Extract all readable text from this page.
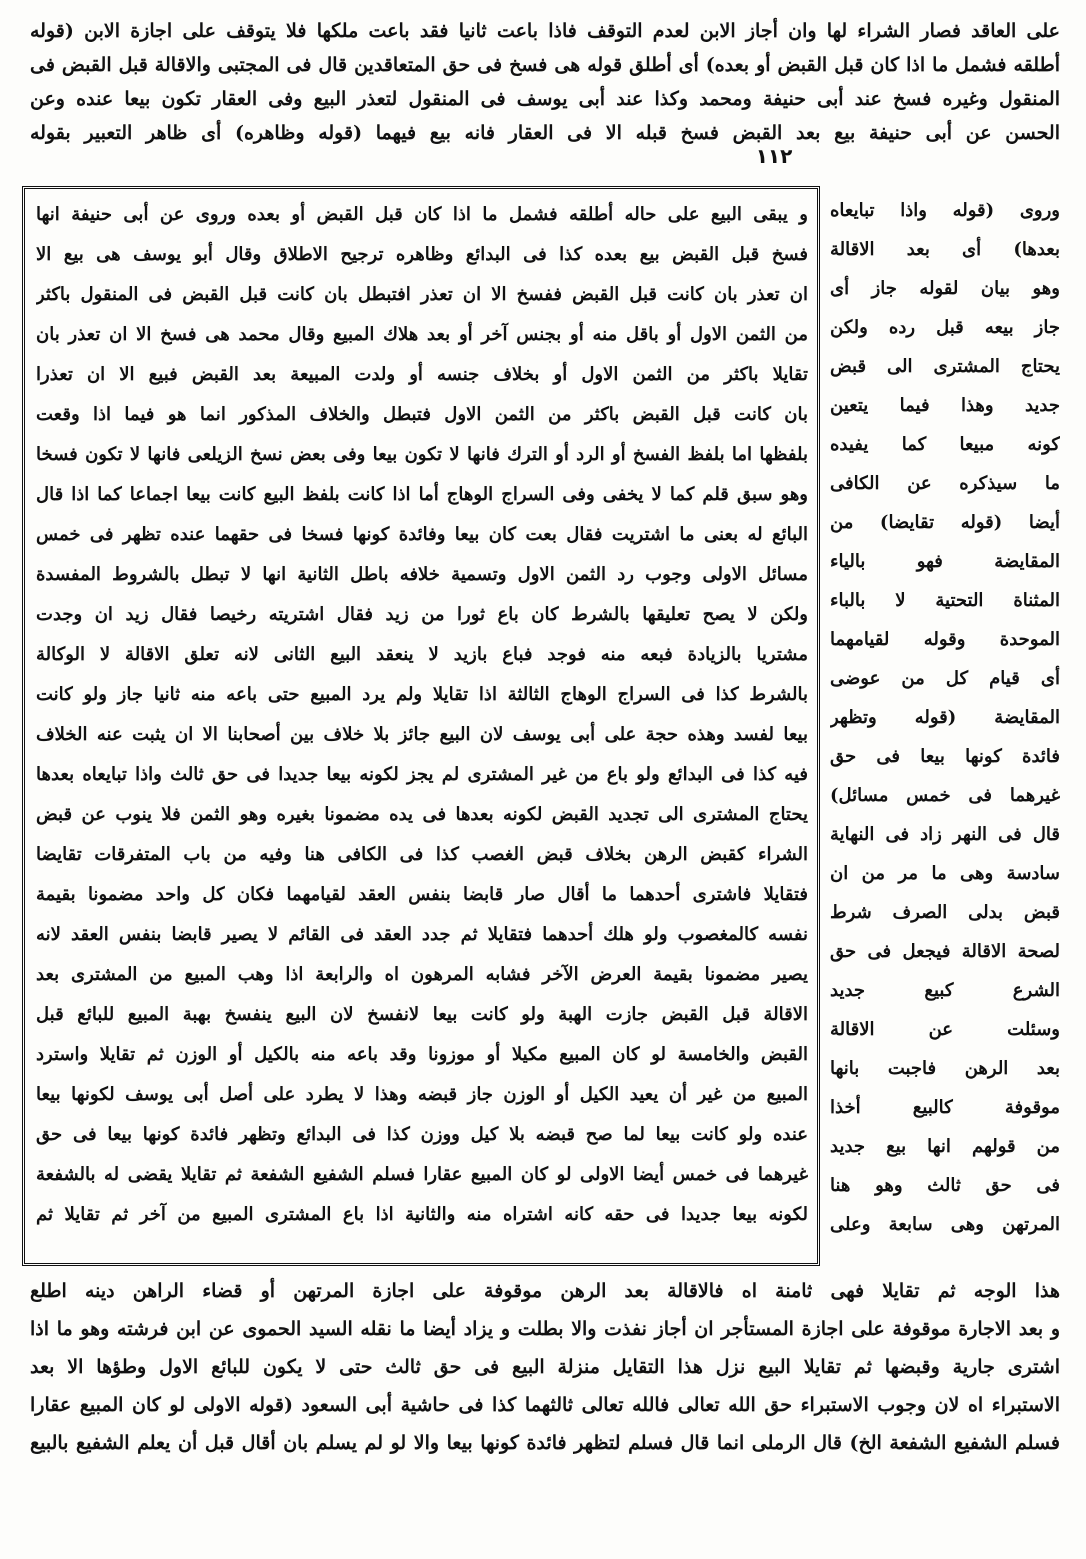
١١٢
على العاقد فصار الشراء لها وان أجاز الابن لعدم التوقف فاذا باعت ثانيا فقد باعت ملكها فلا يتوقف على اجازة الابن (قوله
أطلقه فشمل ما اذا كان قبل القبض أو بعده) أى أطلق قوله هى فسخ فى حق المتعاقدين قال فى المجتبى والاقالة قبل القبض فى
المنقول وغيره فسخ عند أبى حنيفة ومحمد وكذا عند أبى يوسف فى المنقول لتعذر البيع وفى العقار تكون بيعا عنده وعن
الحسن عن أبى حنيفة بيع بعد القبض فسخ قبله الا فى العقار فانه بيع فيهما (قوله وظاهره) أى ظاهر التعبير بقوله
و يبقى البيع على حاله أطلقه فشمل ما اذا كان قبل القبض أو بعده وروى عن أبى حنيفة انها
فسخ قبل القبض بيع بعده كذا فى البدائع وظاهره ترجيح الاطلاق وقال أبو يوسف هى بيع الا
ان تعذر بان كانت قبل القبض ففسخ الا ان تعذر افتبطل بان كانت قبل القبض فى المنقول باكثر
من الثمن الاول أو باقل منه أو بجنس آخر أو بعد هلاك المبيع وقال محمد هى فسخ الا ان تعذر بان
تقايلا باكثر من الثمن الاول أو بخلاف جنسه أو ولدت المبيعة بعد القبض فبيع الا ان تعذرا
بان كانت قبل القبض باكثر من الثمن الاول فتبطل والخلاف المذكور انما هو فيما اذا وقعت
بلفظها اما بلفظ الفسخ أو الرد أو الترك فانها لا تكون بيعا وفى بعض نسخ الزيلعى فانها لا تكون فسخا
وهو سبق قلم كما لا يخفى وفى السراج الوهاج أما اذا كانت بلفظ البيع كانت بيعا اجماعا كما اذا قال
البائع له بعنى ما اشتريت فقال بعت كان بيعا وفائدة كونها فسخا فى حقهما عنده تظهر فى خمس
مسائل الاولى وجوب رد الثمن الاول وتسمية خلافه باطل الثانية انها لا تبطل بالشروط المفسدة
ولكن لا يصح تعليقها بالشرط كان باع ثورا من زيد فقال اشتريته رخيصا فقال زيد ان وجدت
مشتريا بالزيادة فبعه منه فوجد فباع بازيد لا ينعقد البيع الثانى لانه تعلق الاقالة لا الوكالة
بالشرط كذا فى السراج الوهاج الثالثة اذا تقايلا ولم يرد المبيع حتى باعه منه ثانيا جاز ولو كانت
بيعا لفسد وهذه حجة على أبى يوسف لان البيع جائز بلا خلاف بين أصحابنا الا ان يثبت عنه الخلاف
فيه كذا فى البدائع ولو باع من غير المشترى لم يجز لكونه بيعا جديدا فى حق ثالث واذا تبايعاه بعدها
يحتاج المشترى الى تجديد القبض لكونه بعدها فى يده مضمونا بغيره وهو الثمن فلا ينوب عن قبض
الشراء كقبض الرهن بخلاف قبض الغصب كذا فى الكافى هنا وفيه من باب المتفرقات تقايضا
فتقايلا فاشترى أحدهما ما أقال صار قابضا بنفس العقد لقيامهما فكان كل واحد مضمونا بقيمة
نفسه كالمغصوب ولو هلك أحدهما فتقايلا ثم جدد العقد فى القائم لا يصير قابضا بنفس العقد لانه
يصير مضمونا بقيمة العرض الآخر فشابه المرهون اه والرابعة اذا وهب المبيع من المشترى بعد
الاقالة قبل القبض جازت الهبة ولو كانت بيعا لانفسخ لان البيع ينفسخ بهبة المبيع للبائع قبل
القبض والخامسة لو كان المبيع مكيلا أو موزونا وقد باعه منه بالكيل أو الوزن ثم تقايلا واسترد
المبيع من غير أن يعيد الكيل أو الوزن جاز قبضه وهذا لا يطرد على أصل أبى يوسف لكونها بيعا
عنده ولو كانت بيعا لما صح قبضه بلا كيل ووزن كذا فى البدائع وتظهر فائدة كونها بيعا فى حق
غيرهما فى خمس أيضا الاولى لو كان المبيع عقارا فسلم الشفيع الشفعة ثم تقايلا يقضى له بالشفعة
لكونه بيعا جديدا فى حقه كانه اشتراه منه والثانية اذا باع المشترى المبيع من آخر ثم تقايلا ثم
وروى (قوله واذا تبايعاه
بعدها) أى بعد الاقالة
وهو بيان لقوله جاز أى
جاز بيعه قبل رده ولكن
يحتاج المشترى الى قبض
جديد وهذا فيما يتعين
كونه مبيعا كما يفيده
ما سيذكره عن الكافى
أيضا (قوله تقايضا) من
المقايضة فهو بالياء
المثناة التحتية لا بالباء
الموحدة وقوله لقيامهما
أى قيام كل من عوضى
المقايضة (قوله وتظهر
فائدة كونها بيعا فى حق
غيرهما فى خمس مسائل)
قال فى النهر زاد فى النهاية
سادسة وهى ما مر من ان
قبض بدلى الصرف شرط
لصحة الاقالة فيجعل فى حق
الشرع كبيع جديد
وسئلت عن الاقالة
بعد الرهن فاجبت بانها
موقوفة كالبيع أخذا
من قولهم انها بيع جديد
فى حق ثالث وهو هنا
المرتهن وهى سابعة وعلى
هذا الوجه ثم تقايلا فهى ثامنة اه فالاقالة بعد الرهن موقوفة على اجازة المرتهن أو قضاء الراهن دينه اطلع
و بعد الاجارة موقوفة على اجازة المستأجر ان أجاز نفذت والا بطلت و يزاد أيضا ما نقله السيد الحموى عن ابن فرشته وهو ما اذا
اشترى جارية وقبضها ثم تقايلا البيع نزل هذا التقايل منزلة البيع فى حق ثالث حتى لا يكون للبائع الاول وطؤها الا بعد
الاستبراء اه لان وجوب الاستبراء حق الله تعالى فالله تعالى ثالثهما كذا فى حاشية أبى السعود (قوله الاولى لو كان المبيع عقارا
فسلم الشفيع الشفعة الخ) قال الرملى انما قال فسلم لتظهر فائدة كونها بيعا والا لو لم يسلم بان أقال قبل أن يعلم الشفيع بالبيع
